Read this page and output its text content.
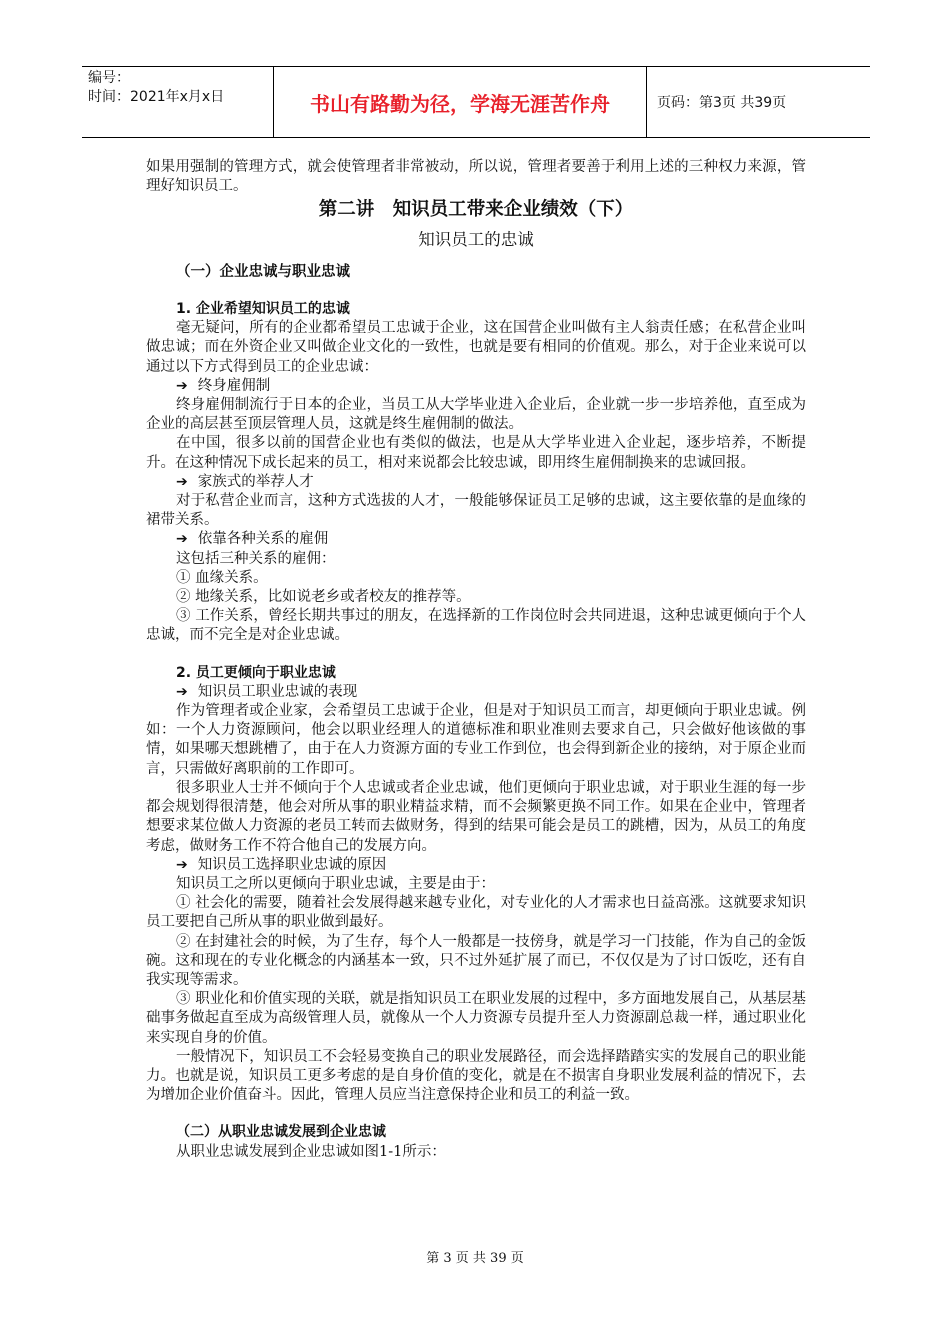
编号：
时间：2021年x月x日	书山有路勤为径，学海无涯苦作舟	页码：第3页 共39页

如果用强制的管理方式，就会使管理者非常被动，所以说，管理者要善于利用上述的三种权力来源，管理好知识员工。

第二讲　知识员工带来企业绩效（下）
知识员工的忠诚
（一）企业忠诚与职业忠诚
1. 企业希望知识员工的忠诚

毫无疑问，所有的企业都希望员工忠诚于企业，这在国营企业叫做有主人翁责任感；在私营企业叫做忠诚；而在外资企业又叫做企业文化的一致性，也就是要有相同的价值观。那么，对于企业来说可以通过以下方式得到员工的企业忠诚：

➔ 终身雇佣制

终身雇佣制流行于日本的企业，当员工从大学毕业进入企业后，企业就一步一步培养他，直至成为企业的高层甚至顶层管理人员，这就是终生雇佣制的做法。

在中国，很多以前的国营企业也有类似的做法，也是从大学毕业进入企业起，逐步培养，不断提升。在这种情况下成长起来的员工，相对来说都会比较忠诚，即用终生雇佣制换来的忠诚回报。

➔ 家族式的举荐人才

对于私营企业而言，这种方式选拔的人才，一般能够保证员工足够的忠诚，这主要依靠的是血缘的裙带关系。

➔ 依靠各种关系的雇佣

这包括三种关系的雇佣：

① 血缘关系。

② 地缘关系，比如说老乡或者校友的推荐等。

③ 工作关系，曾经长期共事过的朋友，在选择新的工作岗位时会共同进退，这种忠诚更倾向于个人忠诚，而不完全是对企业忠诚。

2. 员工更倾向于职业忠诚
➔ 知识员工职业忠诚的表现

作为管理者或企业家，会希望员工忠诚于企业，但是对于知识员工而言，却更倾向于职业忠诚。例如：一个人力资源顾问，他会以职业经理人的道德标准和职业准则去要求自己，只会做好他该做的事情，如果哪天想跳槽了，由于在人力资源方面的专业工作到位，也会得到新企业的接纳，对于原企业而言，只需做好离职前的工作即可。

很多职业人士并不倾向于个人忠诚或者企业忠诚，他们更倾向于职业忠诚，对于职业生涯的每一步都会规划得很清楚，他会对所从事的职业精益求精，而不会频繁更换不同工作。如果在企业中，管理者想要求某位做人力资源的老员工转而去做财务，得到的结果可能会是员工的跳槽，因为，从员工的角度考虑，做财务工作不符合他自己的发展方向。

➔ 知识员工选择职业忠诚的原因

知识员工之所以更倾向于职业忠诚，主要是由于：

① 社会化的需要，随着社会发展得越来越专业化，对专业化的人才需求也日益高涨。这就要求知识员工要把自己所从事的职业做到最好。

② 在封建社会的时候，为了生存，每个人一般都是一技傍身，就是学习一门技能，作为自己的金饭碗。这和现在的专业化概念的内涵基本一致，只不过外延扩展了而已，不仅仅是为了讨口饭吃，还有自我实现等需求。

③ 职业化和价值实现的关联，就是指知识员工在职业发展的过程中，多方面地发展自己，从基层基础事务做起直至成为高级管理人员，就像从一个人力资源专员提升至人力资源副总裁一样，通过职业化来实现自身的价值。

一般情况下，知识员工不会轻易变换自己的职业发展路径，而会选择踏踏实实的发展自己的职业能力。也就是说，知识员工更多考虑的是自身价值的变化，就是在不损害自身职业发展利益的情况下，去为增加企业价值奋斗。因此，管理人员应当注意保持企业和员工的利益一致。

（二）从职业忠诚发展到企业忠诚

从职业忠诚发展到企业忠诚如图1-1所示：

第 3 页 共 39 页
